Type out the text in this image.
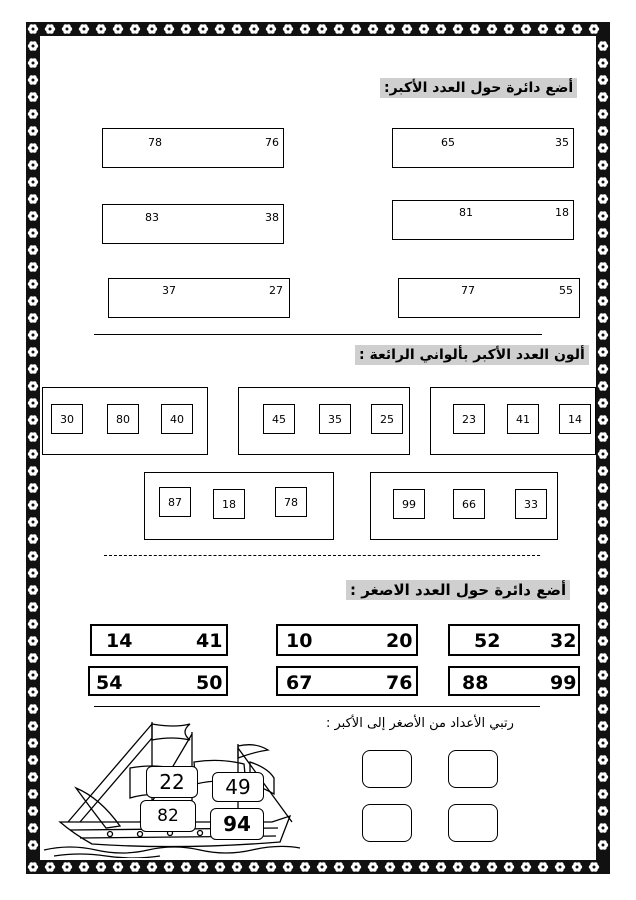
أضع دائرة حول العدد الأكبر:
78	76	65	35
83	38	81	18
37	27	77	55
ألون العدد الأكبر بألواني الرائعة :
30	80	40	45	35	25	23	41	14
87	18	78	99	66	33
أضع دائرة حول العدد الاصغر :
14	41	10	20	52	32
54	50	67	76	88	99
رتبي الأعداد من الأصغر إلى الأكبر :
22	49
82	94
